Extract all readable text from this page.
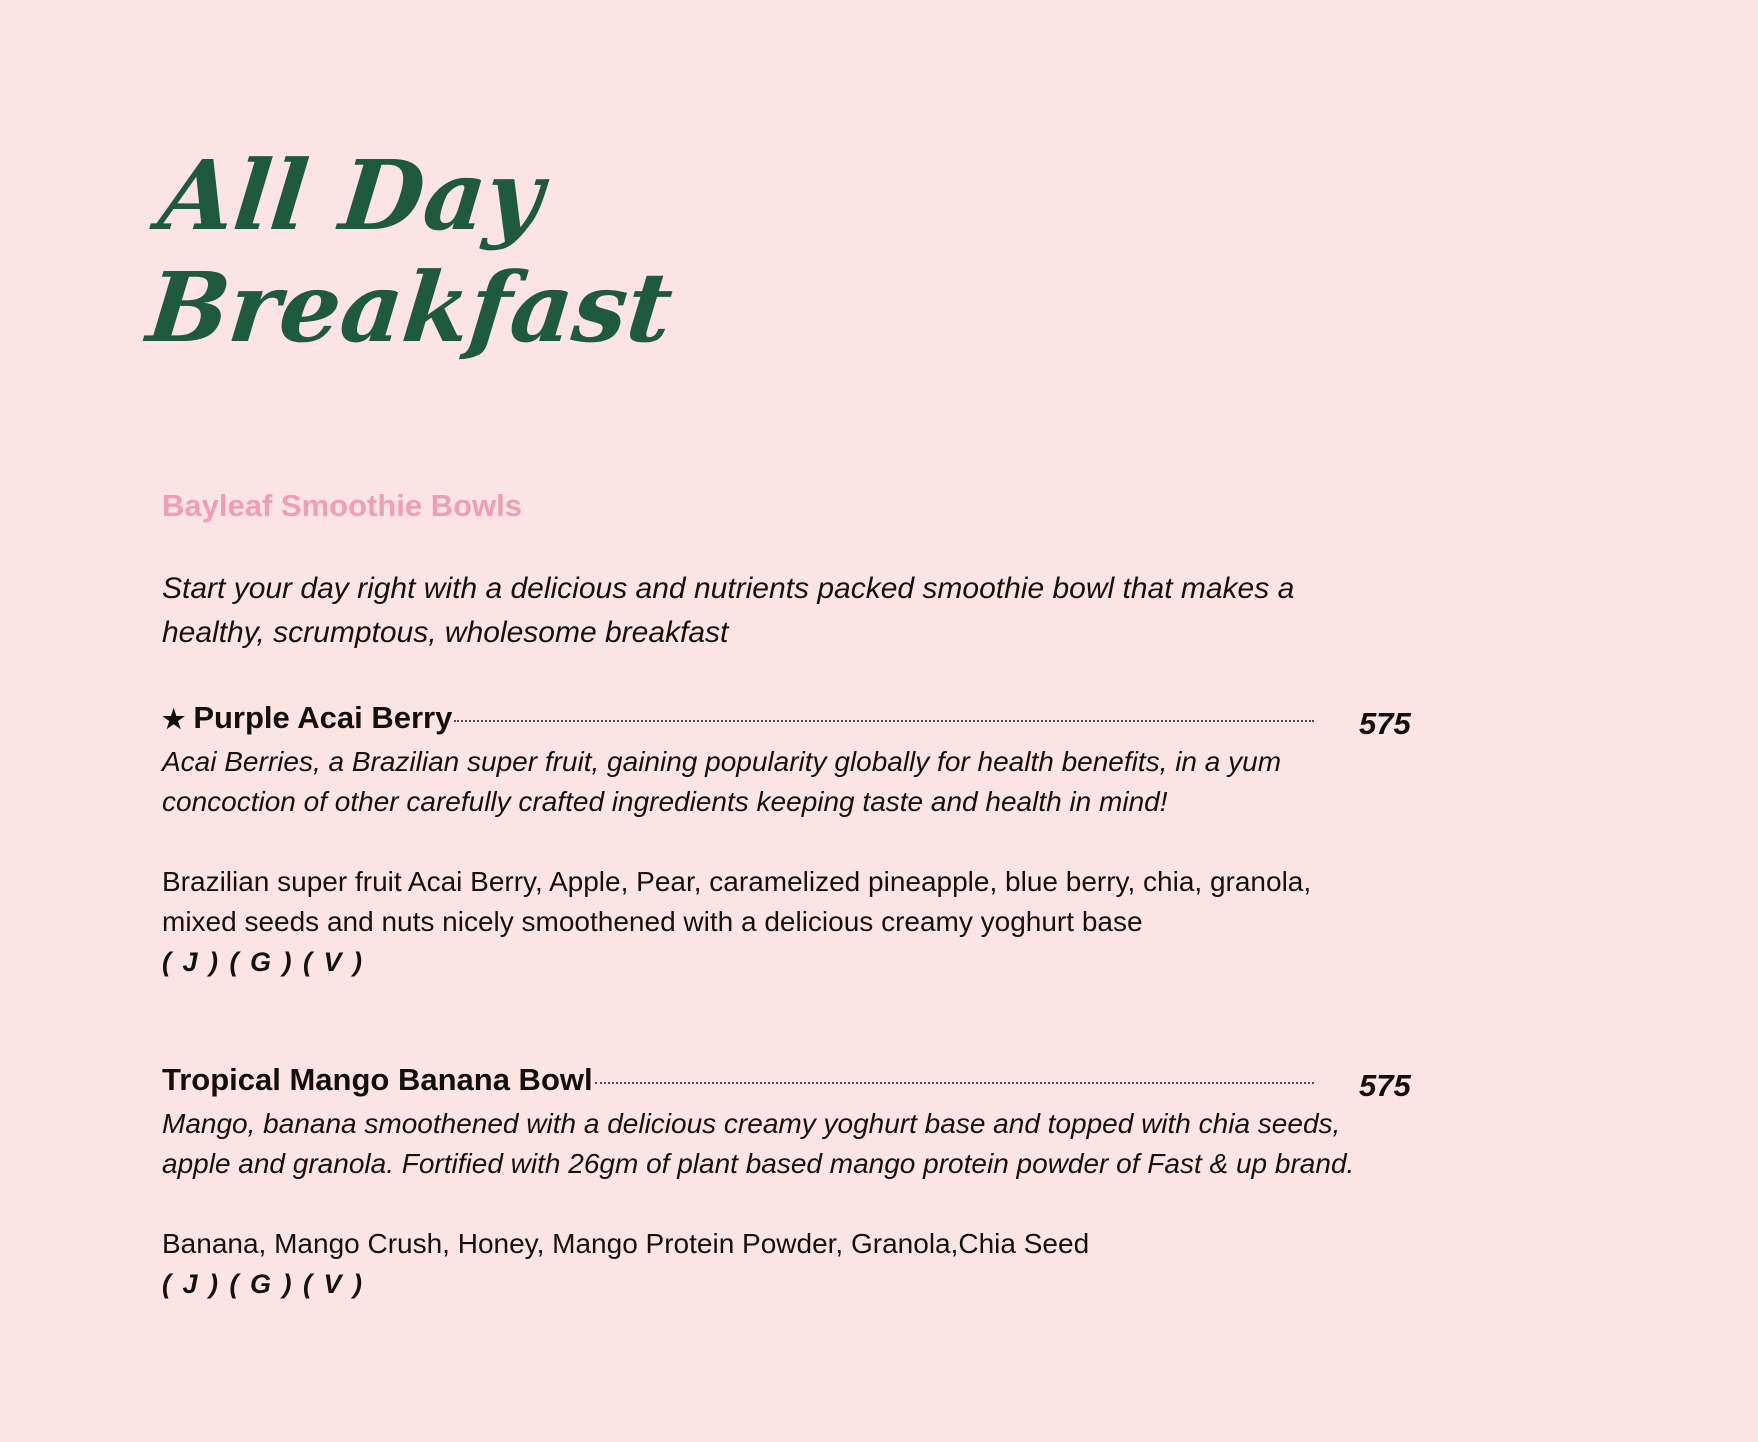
All Day
Breakfast
Bayleaf Smoothie Bowls

Start your day right with a delicious and nutrients packed smoothie bowl that makes a healthy, scrumptous, wholesome breakfast

★ Purple Acai Berry	575

Acai Berries, a Brazilian super fruit, gaining popularity globally for health benefits, in a yum concoction of other carefully crafted ingredients keeping taste and health in mind!

Brazilian super fruit Acai Berry, Apple, Pear, caramelized pineapple, blue berry, chia, granola, mixed seeds and nuts nicely smoothened with a delicious creamy yoghurt base

( J ) ( G ) ( V )

Tropical Mango Banana Bowl	575

Mango, banana smoothened with a delicious creamy yoghurt base and topped with chia seeds, apple and granola. Fortified with 26gm of plant based mango protein powder of Fast & up brand.

Banana, Mango Crush, Honey, Mango Protein Powder, Granola,Chia Seed

( J ) ( G ) ( V )
